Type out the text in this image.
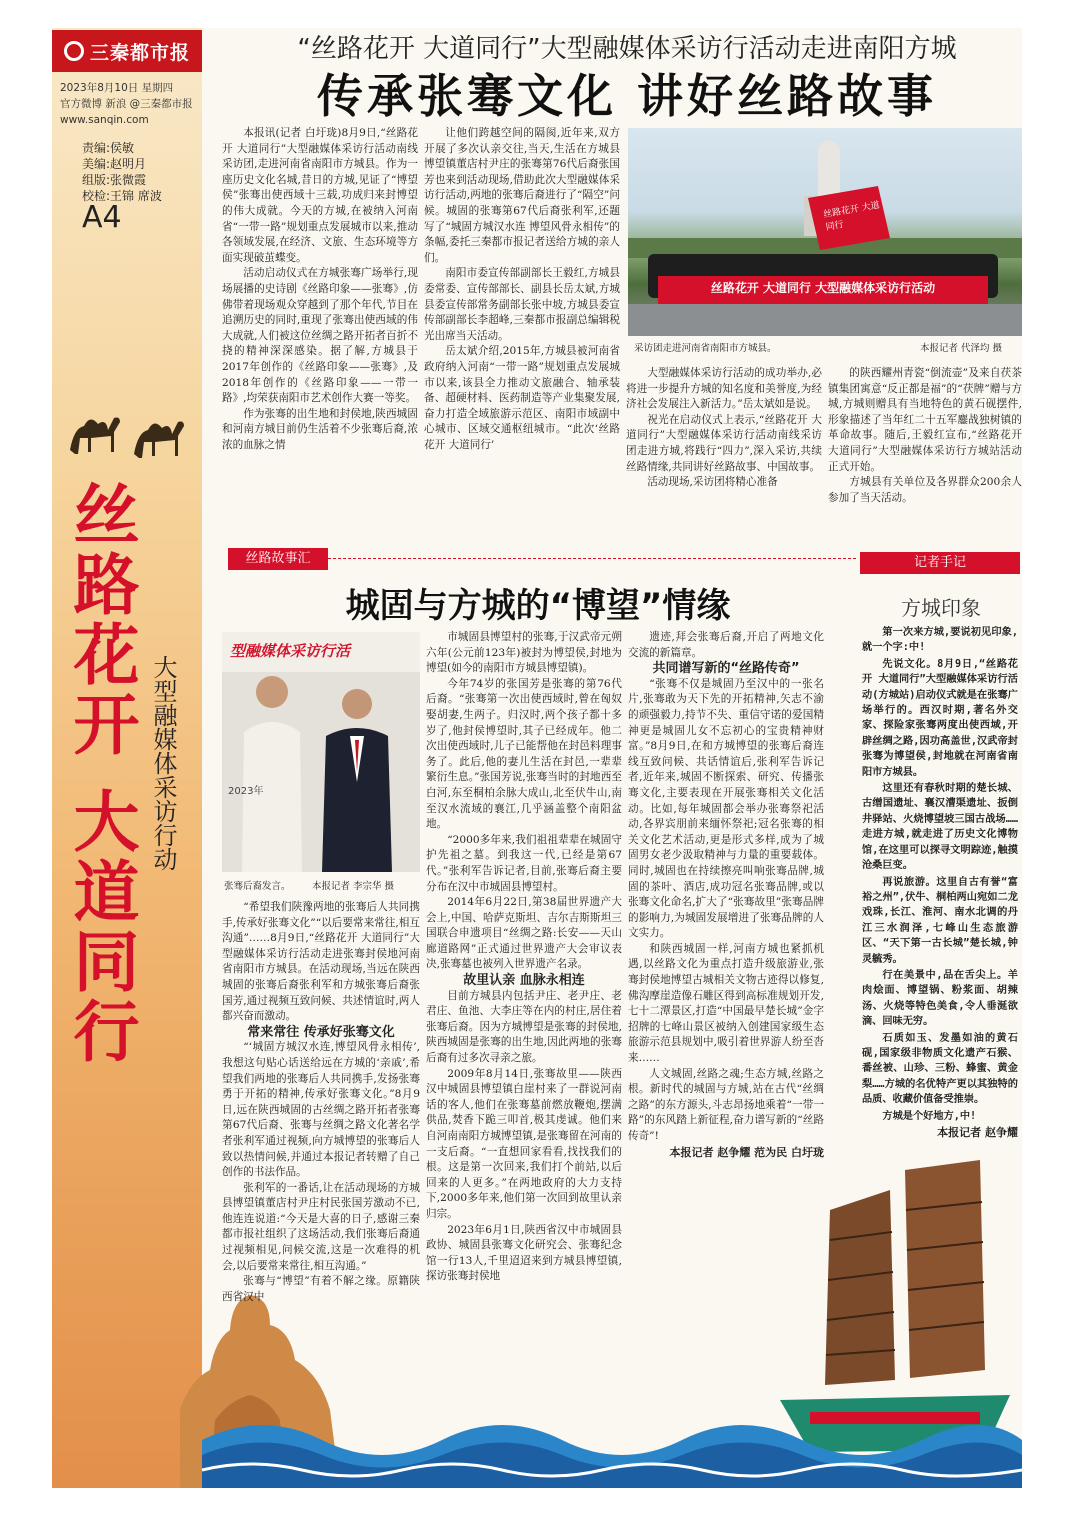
三秦都市报
2023年8月10日 星期四
官方微博 新浪 @三秦都市报
www.sanqin.com
责编:侯敏
美编:赵明月
组版:张微霞
校检:王锦 席波
A4
丝路花开 大道同行 大型融媒体采访行动
“丝路花开 大道同行”大型融媒体采访行活动走进南阳方城
传承张骞文化 讲好丝路故事

本报讯(记者 白圩珑)8月9日,“丝路花开 大道同行”大型融媒体采访行活动南线采访团,走进河南省南阳市方城县。作为一座历史文化名城,昔日的方城,见证了“博望侯”张骞出使西域十三载,功成归来封博望的伟大成就。今天的方城,在被纳入河南省“一带一路”规划重点发展城市以来,推动各领域发展,在经济、文旅、生态环境等方面实现破茧蝶变。

活动启动仪式在方城张骞广场举行,现场展播的史诗剧《丝路印象——张骞》,仿佛带着现场观众穿越到了那个年代,节目在追溯历史的同时,重现了张骞出使西域的伟大成就,人们被这位丝绸之路开拓者百折不挠的精神深深感染。据了解,方城县于2017年创作的《丝路印象——张骞》,及2018年创作的《丝路印象——一带一路》,均荣获南阳市艺术创作大赛一等奖。

作为张骞的出生地和封侯地,陕西城固和河南方城目前仍生活着不少张骞后裔,浓浓的血脉之情

让他们跨越空间的隔阂,近年来,双方开展了多次认亲交往,当天,生活在方城县博望镇董店村尹庄的张骞第76代后裔张国芳也来到活动现场,借助此次大型融媒体采访行活动,两地的张骞后裔进行了“隔空”问候。城固的张骞第67代后裔张利军,还题写了“城固方城汉水连 博望风骨永相传”的条幅,委托三秦都市报记者送给方城的亲人们。

南阳市委宣传部副部长王毅红,方城县委常委、宣传部部长、副县长岳太斌,方城县委宣传部常务副部长张中坡,方城县委宣传部副部长李超峰,三秦都市报副总编辑税光出席当天活动。

岳太斌介绍,2015年,方城县被河南省政府纳入河南“一带一路”规划重点发展城市以来,该县全力推动文旅融合、轴承装备、超硬材料、医药制造等产业集聚发展,奋力打造全域旅游示范区、南阳市域副中心城市、区域交通枢纽城市。“此次‘丝路花开 大道同行’

丝路花开 大道同行 大型融媒体采访行活动
丝路花开 大道同行
采访团走进河南省南阳市方城县。	本报记者 代泽均 摄

大型融媒体采访行活动的成功举办,必将进一步提升方城的知名度和美誉度,为经济社会发展注入新活力。”岳太斌如是说。

祝光在启动仪式上表示,“丝路花开 大道同行”大型融媒体采访行活动南线采访团走进方城,将践行“四力”,深入采访,共续丝路情缘,共同讲好丝路故事、中国故事。

活动现场,采访团将精心准备

的陕西耀州青瓷“倒流壶”及来自茯茶镇集团寓意“反正都是福”的“茯牌”赠与方城,方城则赠具有当地特色的黄石砚摆件,形象描述了当年红二十五军鏖战独树镇的革命故事。随后,王毅红宣布,“丝路花开 大道同行”大型融媒体采访行方城站活动正式开始。

方城县有关单位及各界群众200余人参加了当天活动。

丝路故事汇
城固与方城的“博望”情缘
型融媒体采访行活
2023年
张骞后裔发言。 本报记者 李宗华 摄

“希望我们陕豫两地的张骞后人共同携手,传承好张骞文化”“以后要常来常往,相互沟通”……8月9日,“丝路花开 大道同行”大型融媒体采访行活动走进张骞封侯地河南省南阳市方城县。在活动现场,当远在陕西城固的张骞后裔张利军和方城张骞后裔张国芳,通过视频互致问候、共述情谊时,两人都兴奋而激动。

常来常往 传承好张骞文化

“‘城固方城汉水连,博望风骨永相传’,我想这句贴心话送给远在方城的‘亲戚’,希望我们两地的张骞后人共同携手,发扬张骞勇于开拓的精神,传承好张骞文化。”8月9日,远在陕西城固的古丝绸之路开拓者张骞第67代后裔、张骞与丝绸之路文化著名学者张利军通过视频,向方城博望的张骞后人致以热情问候,并通过本报记者转赠了自己创作的书法作品。

张利军的一番话,让在活动现场的方城县博望镇董店村尹庄村民张国芳激动不已,他连连说道:“今天是大喜的日子,感谢三秦都市报社组织了这场活动,我们张骞后裔通过视频相见,问候交流,这是一次难得的机会,以后要常来常往,相互沟通。”

张骞与“博望”有着不解之缘。原籍陕西省汉中

市城固县博望村的张骞,于汉武帝元朔六年(公元前123年)被封为博望侯,封地为博望(如今的南阳市方城县博望镇)。

今年74岁的张国芳是张骞的第76代后裔。“张骞第一次出使西域时,曾在匈奴娶胡妻,生两子。归汉时,两个孩子都十多岁了,他封侯博望时,其子已经成年。他二次出使西域时,儿子已能帮他在封邑料理事务了。此后,他的妻儿生活在封邑,一辈辈繁衍生息。”张国芳说,张骞当时的封地西至白河,东至桐柏余脉大成山,北至伏牛山,南至汉水流域的襄江,几乎涵盖整个南阳盆地。

“2000多年来,我们祖祖辈辈在城固守护先祖之墓。到我这一代,已经是第67代。”张利军告诉记者,目前,张骞后裔主要分布在汉中市城固县博望村。

2014年6月22日,第38届世界遗产大会上,中国、哈萨克斯坦、吉尔吉斯斯坦三国联合申遗项目“丝绸之路:长安——天山廊道路网”正式通过世界遗产大会审议表决,张骞墓也被列入世界遗产名录。

故里认亲 血脉永相连

目前方城县内包括尹庄、老尹庄、老君庄、鱼池、大李庄等在内的村庄,居住着张骞后裔。因为方城博望是张骞的封侯地,陕西城固是张骞的出生地,因此两地的张骞后裔有过多次寻亲之旅。

2009年8月14日,张骞故里——陕西汉中城固县博望镇白崖村来了一群说河南话的客人,他们在张骞墓前燃放鞭炮,摆满供品,焚香下跪三叩首,极其虔诚。他们来自河南南阳方城博望镇,是张骞留在河南的一支后裔。“一直想回家看看,找找我们的根。这是第一次回来,我们打个前站,以后回来的人更多。”在两地政府的大力支持下,2000多年来,他们第一次回到故里认亲归宗。

2023年6月1日,陕西省汉中市城固县政协、城固县张骞文化研究会、张骞纪念馆一行13人,千里迢迢来到方城县博望镇,探访张骞封侯地

遗迹,拜会张骞后裔,开启了两地文化交流的新篇章。

共同谱写新的“丝路传奇”

“张骞不仅是城固乃至汉中的一张名片,张骞敢为天下先的开拓精神,矢志不渝的顽强毅力,持节不失、重信守诺的爱国精神更是城固儿女不忘初心的宝贵精神财富。”8月9日,在和方城博望的张骞后裔连线互致问候、共话情谊后,张利军告诉记者,近年来,城固不断探索、研究、传播张骞文化,主要表现在开展张骞相关文化活动。比如,每年城固都会举办张骞祭祀活动,各界宾朋前来缅怀祭祀;冠名张骞的相关文化艺术活动,更是形式多样,成为了城固男女老少汲取精神与力量的重要载体。同时,城固也在持续擦亮叫响张骞品牌,城固的茶叶、酒店,成功冠名张骞品牌,或以张骞文化命名,扩大了“张骞故里”张骞品牌的影响力,为城固发展增进了张骞品牌的人文实力。

和陕西城固一样,河南方城也紧抓机遇,以丝路文化为重点打造升级旅游业,张骞封侯地博望古城相关文物古迹得以修复,佛沟摩崖造像石雕区得到高标准规划开发,七十二潭景区,打造“中国最早楚长城”金字招牌的七峰山景区被纳入创建国家级生态旅游示范县规划中,吸引着世界游人纷至沓来……

人文城固,丝路之魂;生态方城,丝路之根。新时代的城固与方城,站在古代“丝绸之路”的东方源头,斗志昂扬地乘着“一带一路”的东风踏上新征程,奋力谱写新的“丝路传奇”!

本报记者 赵争耀 范为民 白圩珑

记者手记
方城印象

第一次来方城,要说初见印象,就一个字:中!

先说文化。8月9日,“丝路花开 大道同行”大型融媒体采访行活动(方城站)启动仪式就是在张骞广场举行的。西汉时期,著名外交家、探险家张骞两度出使西域,开辟丝绸之路,因功高盖世,汉武帝封张骞为博望侯,封地就在河南省南阳市方城县。

这里还有春秋时期的楚长城、古缯国遗址、襄汉漕渠遗址、扳倒井驿站、火烧博望坡三国古战场……走进方城,就走进了历史文化博物馆,在这里可以探寻文明踪迹,触摸沧桑巨变。

再说旅游。这里自古有誉“富裕之州”,伏牛、桐柏两山宛如二龙戏珠,长江、淮河、南水北调的丹江三水润泽,七峰山生态旅游区、“天下第一古长城”楚长城,钟灵毓秀。

行在美景中,品在舌尖上。羊肉烩面、博望锅、粉浆面、胡辣汤、火烧等特色美食,令人垂涎欲滴、回味无穷。

石质如玉、发墨如油的黄石砚,国家级非物质文化遗产石猴、番丝被、山珍、三粉、蜂蜜、黄金梨……方城的名优特产更以其独特的品质、收藏价值备受推崇。

方城是个好地方,中!

本报记者 赵争耀
